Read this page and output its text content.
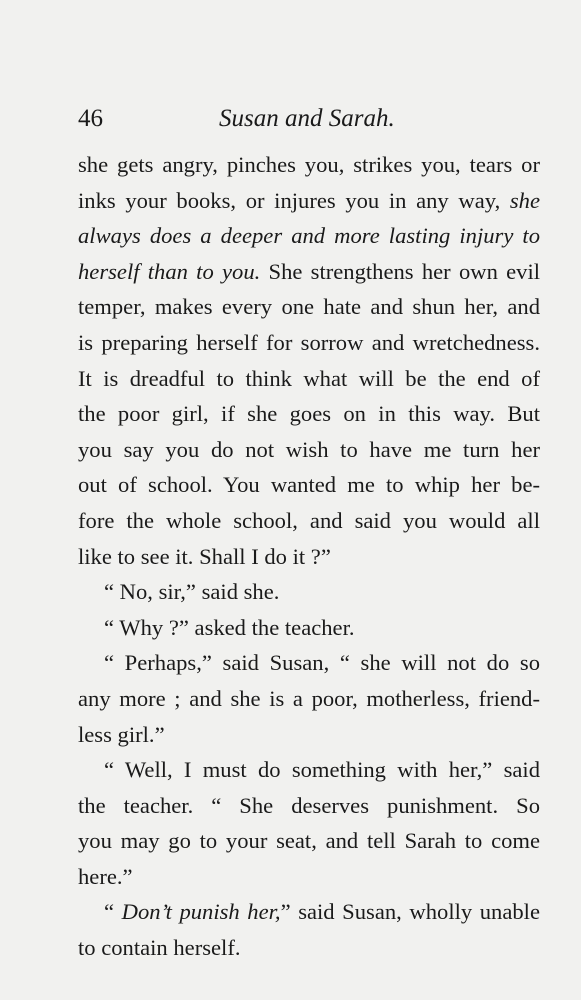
46	Susan and Sarah.
she gets angry, pinches you, strikes you, tears or
inks your books, or injures you in any way, she
always does a deeper and more lasting injury to
herself than to you. She strengthens her own evil
temper, makes every one hate and shun her, and
is preparing herself for sorrow and wretchedness.
It is dreadful to think what will be the end of
the poor girl, if she goes on in this way. But
you say you do not wish to have me turn her
out of school. You wanted me to whip her be-
fore the whole school, and said you would all
like to see it. Shall I do it ?”
“ No, sir,” said she.
“ Why ?” asked the teacher.
“ Perhaps,” said Susan, “ she will not do so
any more ; and she is a poor, motherless, friend-
less girl.”
“ Well, I must do something with her,” said
the teacher. “ She deserves punishment. So
you may go to your seat, and tell Sarah to come
here.”
“ Don’t punish her,” said Susan, wholly unable
to contain herself.
